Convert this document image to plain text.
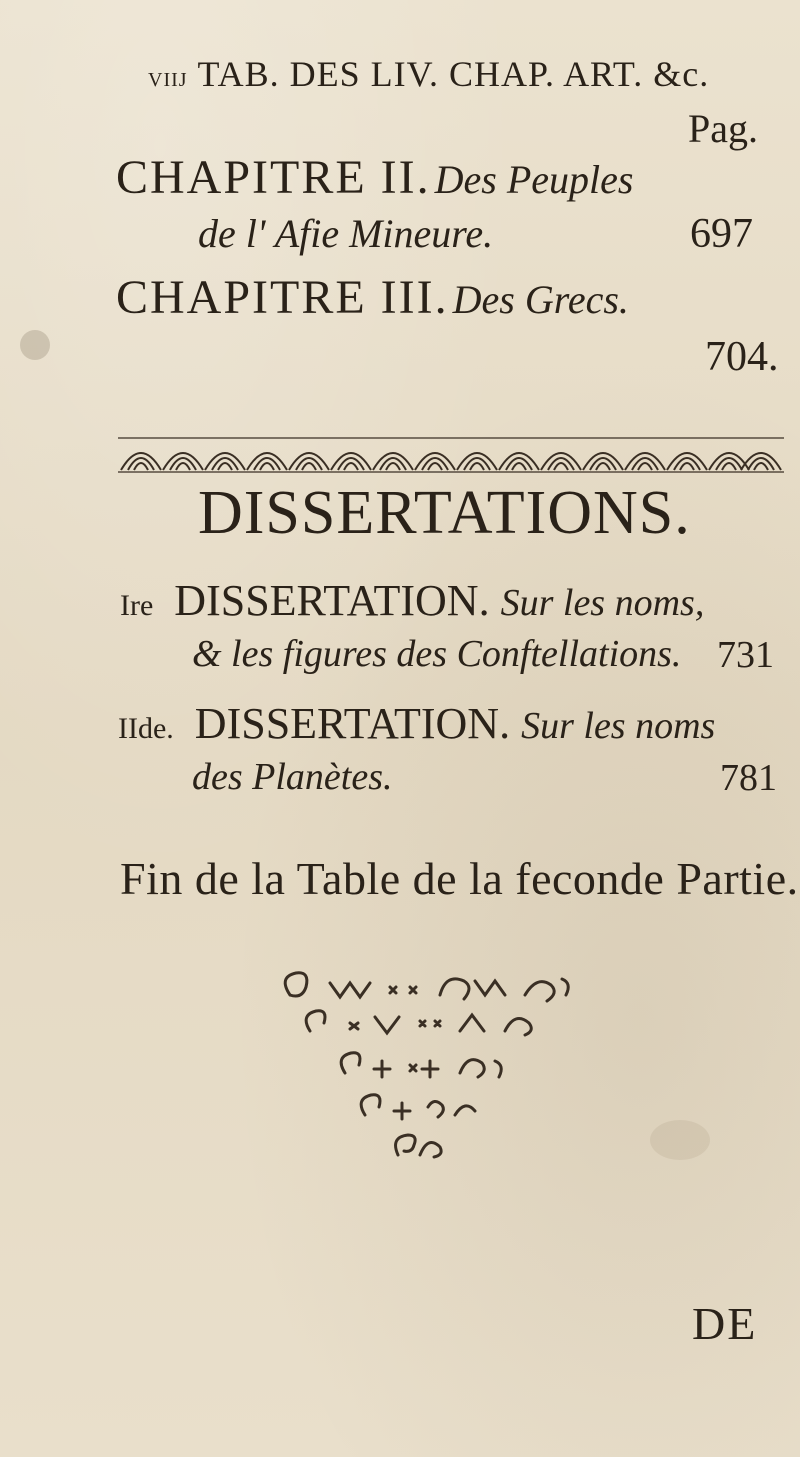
viij TAB. DES LIV. CHAP. ART. &c.
Pag.
CHAPITRE II. Des Peuples
de l' Afie Mineure.	697
CHAPITRE III. Des Grecs.
704.
DISSERTATIONS.
Ire DISSERTATION. Sur les noms,
& les figures des Conftellations. 731
IIde. DISSERTATION. Sur les noms
des Planètes.	781
Fin de la Table de la feconde Partie.
DE
